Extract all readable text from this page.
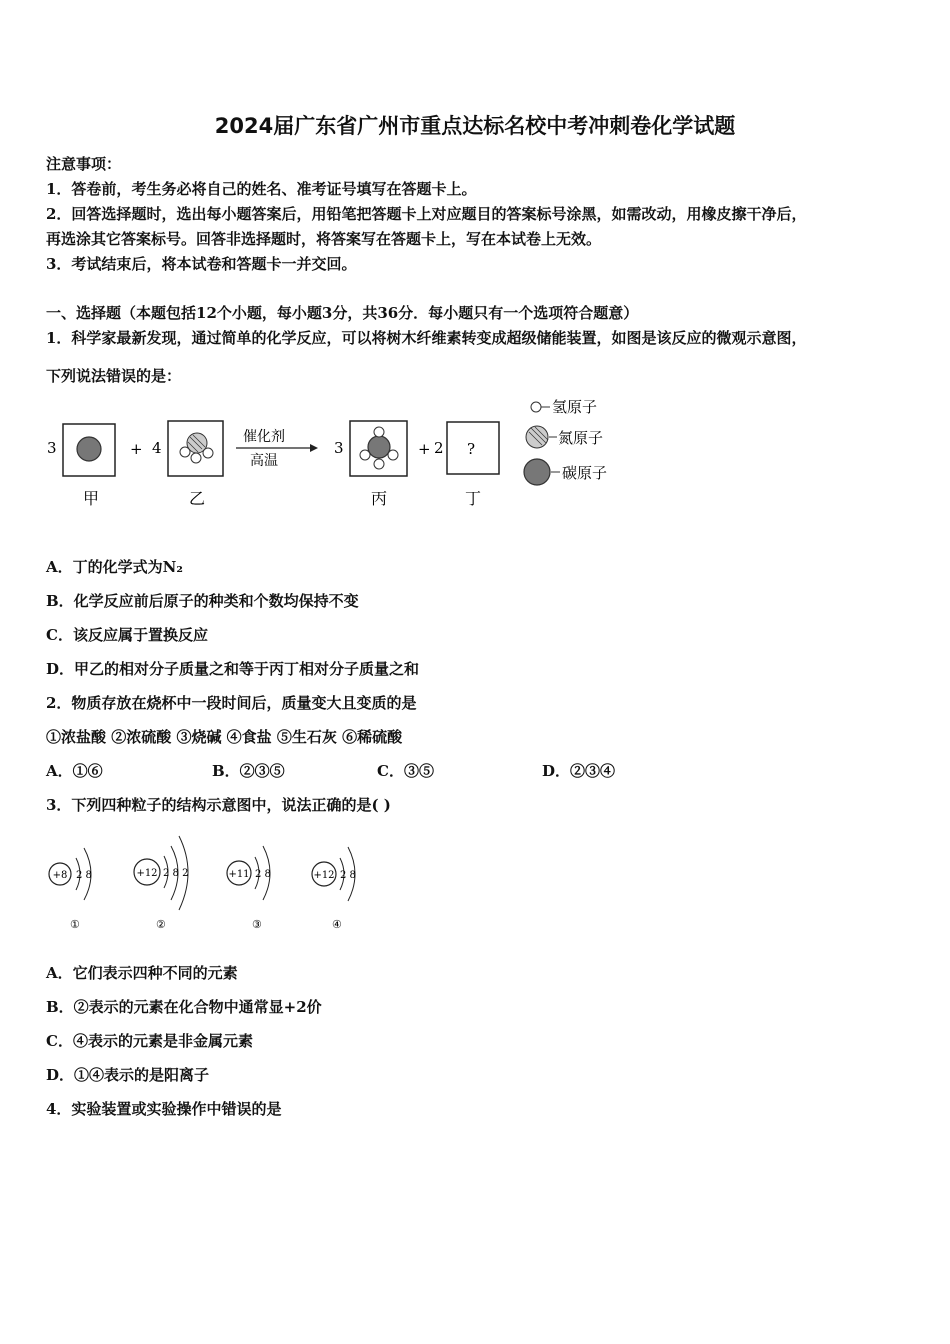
2024届广东省广州市重点达标名校中考冲刺卷化学试题
注意事项：
1．答卷前，考生务必将自己的姓名、准考证号填写在答题卡上。
2．回答选择题时，选出每小题答案后，用铅笔把答题卡上对应题目的答案标号涂黑，如需改动，用橡皮擦干净后，
再选涂其它答案标号。回答非选择题时，将答案写在答题卡上，写在本试卷上无效。
3．考试结束后，将本试卷和答题卡一并交回。
一、选择题（本题包括12个小题，每小题3分，共36分．每小题只有一个选项符合题意）
1．科学家最新发现，通过简单的化学反应，可以将树木纤维素转变成超级储能装置，如图是该反应的微观示意图，
下列说法错误的是：
3	+ 4
催化剂
高温
3	+ 2 ?
甲	乙	丙	丁
氢原子
氮原子
碳原子
A．丁的化学式为N₂
B．化学反应前后原子的种类和个数均保持不变
C．该反应属于置换反应
D．甲乙的相对分子质量之和等于丙丁相对分子质量之和
2．物质存放在烧杯中一段时间后，质量变大且变质的是
①浓盐酸 ②浓硫酸 ③烧碱 ④食盐 ⑤生石灰 ⑥稀硫酸
A．①⑥	B．②③⑤	C．③⑤	D．②③④
3．下列四种粒子的结构示意图中，说法正确的是( )
+8 2 8
①
+12 2 8 2
②
+11 2 8
③
+12 2 8
④
A．它们表示四种不同的元素
B．②表示的元素在化合物中通常显+2价
C．④表示的元素是非金属元素
D．①④表示的是阳离子
4．实验装置或实验操作中错误的是
